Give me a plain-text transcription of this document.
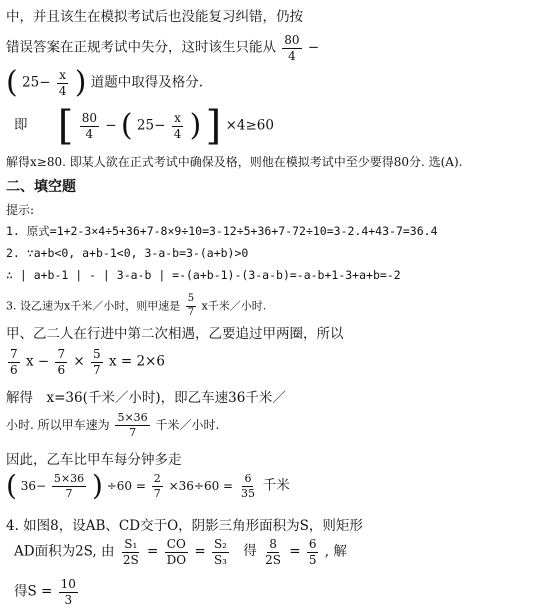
中，并且该生在模拟考试后也没能复习纠错，仍按
错误答案在正规考试中失分，这时该生只能从 $\frac{80}{4}$ −
( $25- \frac{x}{4}$ ) 道题中取得及格分.
即 [ $\frac{80}{4}$ − ( $25- \frac{x}{4}$ ) ] ×4≥60
解得x≥80. 即某人欲在正式考试中确保及格，则他在模拟考试中至少要得80分. 选(A).
二、填空题
提示:
1. 原式=1+2-3×4÷5+36+7-8×9÷10=3-12÷5+36+7-72÷10=3-2.4+43-7=36.4
2. ∵a+b<0, a+b-1<0, 3-a-b=3-(a+b)>0
∴ | a+b-1 | - | 3-a-b | =-(a+b-1)-(3-a-b)=-a-b+1-3+a+b=-2
3. 设乙速为x千米／小时，则甲速是 $\frac{5}{7}$ x千米／小时.
甲、乙二人在行进中第二次相遇，乙要追过甲两圈，所以
$\frac{7}{6}$ $x - \frac{7}{6} \times \frac{5}{7}$ x = 2×6
解得　x=36(千米／小时)，即乙车速36千米／
小时. 所以甲车速为 $\frac{5\times 36}{7}$ 千米／小时.
因此，乙车比甲车每分钟多走
( $36- \frac{5\times 36}{7}$ ) $\div 60 = \frac{2}{7} \times 36\div 60 = \frac{6}{35}$ 千米
4. 如图8，设AB、CD交于O，阴影三角形面积为S，则矩形
AD面积为2S, 由 $\frac{\text{S₁}}{2S} = \frac{CO}{DO} = \frac{\text{S₂}}{\text{S₃}}$ 得 $\frac{8}{2S} = \frac{6}{5}$ , 解
得$S = \frac{10}{3}$
